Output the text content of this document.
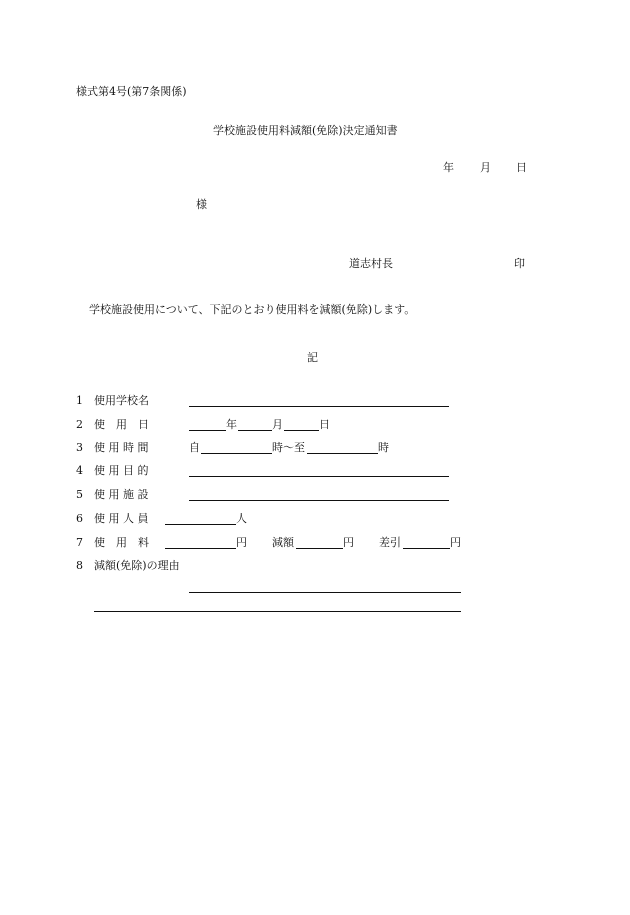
様式第4号(第7条関係)
学校施設使用料減額(免除)決定通知書
年 月 日
様
道志村長	印
学校施設使用について、下記のとおり使用料を減額(免除)します。
記
1 使用学校名
2 使　用　日	年	月	日
3 使 用 時 間	自	時〜至	時
4 使 用 目 的
5 使 用 施 設
6 使 用 人 員	人
7 使　用　料	円 減額	円 差引	円
8 減額(免除)の理由
